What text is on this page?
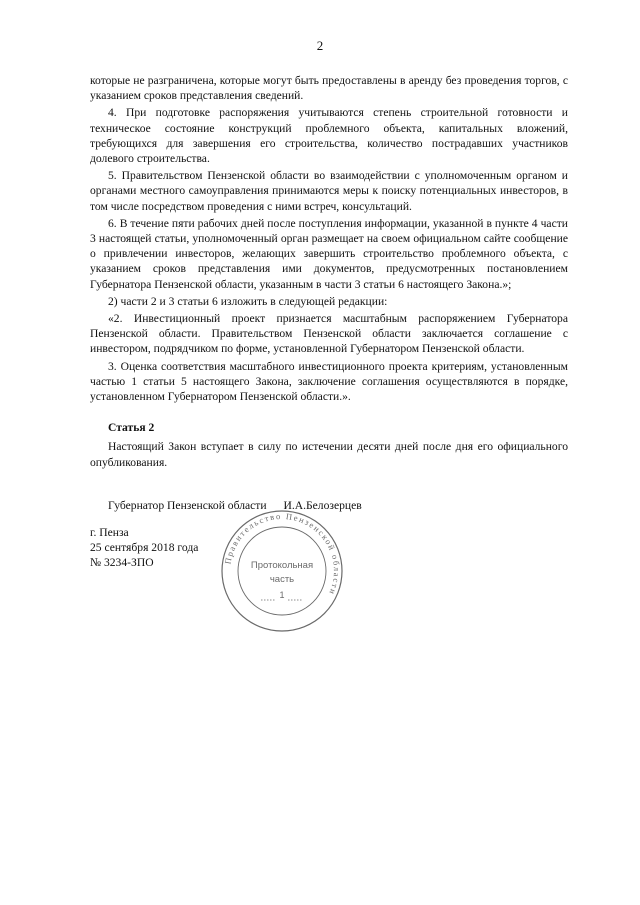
2

которые не разграничена, которые могут быть предоставлены в аренду без проведения торгов, с указанием сроков представления сведений.

4. При подготовке распоряжения учитываются степень строительной готовности и техническое состояние конструкций проблемного объекта, капитальных вложений, требующихся для завершения его строительства, количество пострадавших участников долевого строительства.

5. Правительством Пензенской области во взаимодействии с уполномоченным органом и органами местного самоуправления принимаются меры к поиску потенциальных инвесторов, в том числе посредством проведения с ними встреч, консультаций.

6. В течение пяти рабочих дней после поступления информации, указанной в пункте 4 части 3 настоящей статьи, уполномоченный орган размещает на своем официальном сайте сообщение о привлечении инвесторов, желающих завершить строительство проблемного объекта, с указанием сроков представления ими документов, предусмотренных постановлением Губернатора Пензенской области, указанным в части 3 статьи 6 настоящего Закона.»;

2) части 2 и 3 статьи 6 изложить в следующей редакции:

«2. Инвестиционный проект признается масштабным распоряжением Губернатора Пензенской области. Правительством Пензенской области заключается соглашение с инвестором, подрядчиком по форме, установленной Губернатором Пензенской области.

3. Оценка соответствия масштабного инвестиционного проекта критериям, установленным частью 1 статьи 5 настоящего Закона, заключение соглашения осуществляются в порядке, установленном Губернатором Пензенской области.».

Статья 2

Настоящий Закон вступает в силу по истечении десяти дней после дня его официального опубликования.

Губернатор Пензенской области И.А.Белозерцев
г. Пенза
25 сентября 2018 года
№ 3234-ЗПО	Правительство Пензенской области
Протокольная
часть
1
